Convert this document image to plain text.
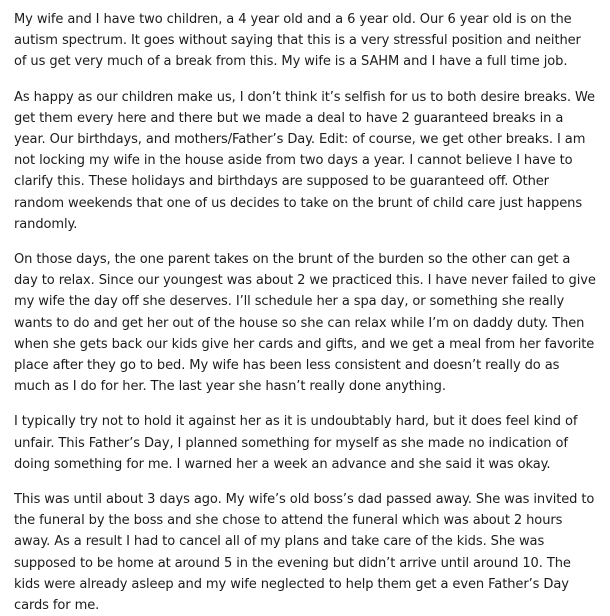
My wife and I have two children, a 4 year old and a 6 year old. Our 6 year old is on the autism spectrum. It goes without saying that this is a very stressful position and neither of us get very much of a break from this. My wife is a SAHM and I have a full time job.

As happy as our children make us, I don’t think it’s selfish for us to both desire breaks. We get them every here and there but we made a deal to have 2 guaranteed breaks in a year. Our birthdays, and mothers/Father’s Day. Edit: of course, we get other breaks. I am not locking my wife in the house aside from two days a year. I cannot believe I have to clarify this. These holidays and birthdays are supposed to be guaranteed off. Other random weekends that one of us decides to take on the brunt of child care just happens randomly.

On those days, the one parent takes on the brunt of the burden so the other can get a day to relax. Since our youngest was about 2 we practiced this. I have never failed to give my wife the day off she deserves. I’ll schedule her a spa day, or something she really wants to do and get her out of the house so she can relax while I’m on daddy duty. Then when she gets back our kids give her cards and gifts, and we get a meal from her favorite place after they go to bed. My wife has been less consistent and doesn’t really do as much as I do for her. The last year she hasn’t really done anything.

I typically try not to hold it against her as it is undoubtably hard, but it does feel kind of unfair. This Father’s Day, I planned something for myself as she made no indication of doing something for me. I warned her a week an advance and she said it was okay.

This was until about 3 days ago. My wife’s old boss’s dad passed away. She was invited to the funeral by the boss and she chose to attend the funeral which was about 2 hours away. As a result I had to cancel all of my plans and take care of the kids. She was supposed to be home at around 5 in the evening but didn’t arrive until around 10. The kids were already asleep and my wife neglected to help them get a even Father’s Day cards for me.
